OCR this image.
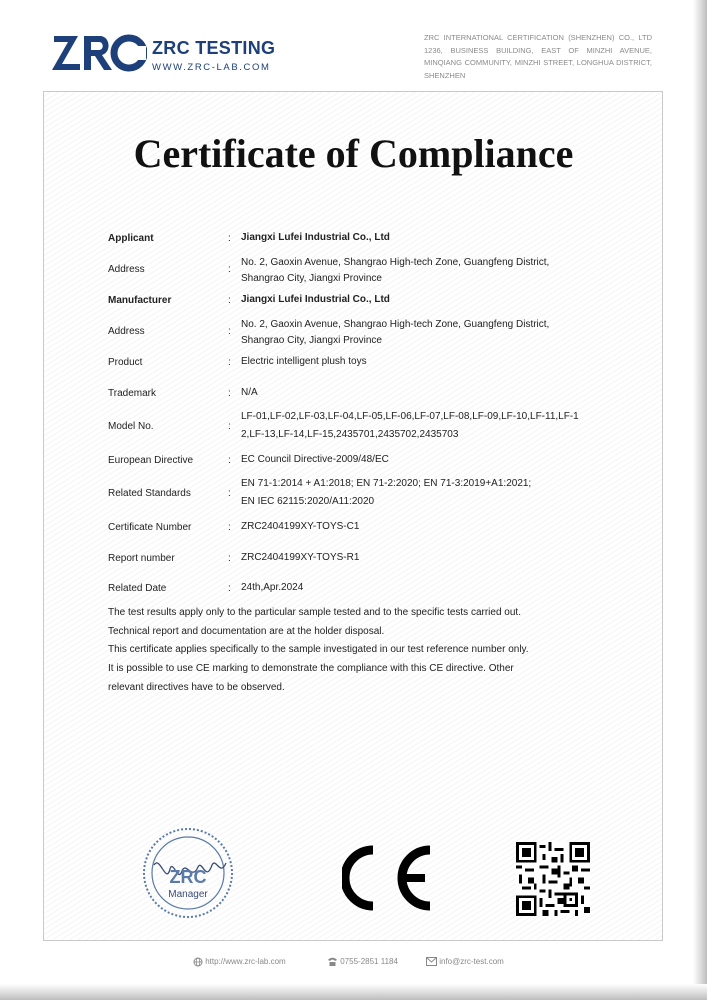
ZRC TESTING
WWW.ZRC-LAB.COM
ZRC INTERNATIONAL CERTIFICATION (SHENZHEN) CO., LTD 1236, BUSINESS BUILDING, EAST OF MINZHI AVENUE, MINQIANG COMMUNITY, MINZHI STREET, LONGHUA DISTRICT, SHENZHEN
Certificate of Compliance
Applicant	: Jiangxi Lufei Industrial Co., Ltd
Address	:
No. 2, Gaoxin Avenue, Shangrao High-tech Zone, Guangfeng District,
Shangrao City, Jiangxi Province
Manufacturer	: Jiangxi Lufei Industrial Co., Ltd
Address	:
No. 2, Gaoxin Avenue, Shangrao High-tech Zone, Guangfeng District,
Shangrao City, Jiangxi Province
Product	: Electric intelligent plush toys
Trademark	: N/A
Model No.	:
LF-01,LF-02,LF-03,LF-04,LF-05,LF-06,LF-07,LF-08,LF-09,LF-10,LF-11,LF-1
2,LF-13,LF-14,LF-15,2435701,2435702,2435703
European Directive	: EC Council Directive-2009/48/EC
Related Standards	:
EN 71-1:2014 + A1:2018; EN 71-2:2020; EN 71-3:2019+A1:2021;
EN IEC 62115:2020/A11:2020
Certificate Number	: ZRC2404199XY-TOYS-C1
Report number	: ZRC2404199XY-TOYS-R1
Related Date	: 24th,Apr.2024
The test results apply only to the particular sample tested and to the specific tests carried out.
Technical report and documentation are at the holder disposal.
This certificate applies specifically to the sample investigated in our test reference number only.
It is possible to use CE marking to demonstrate the compliance with this CE directive. Other
relevant directives have to be observed.
ZRC
Manager
http://www.zrc-lab.com	0755-2851 1184	info@zrc-test.com
